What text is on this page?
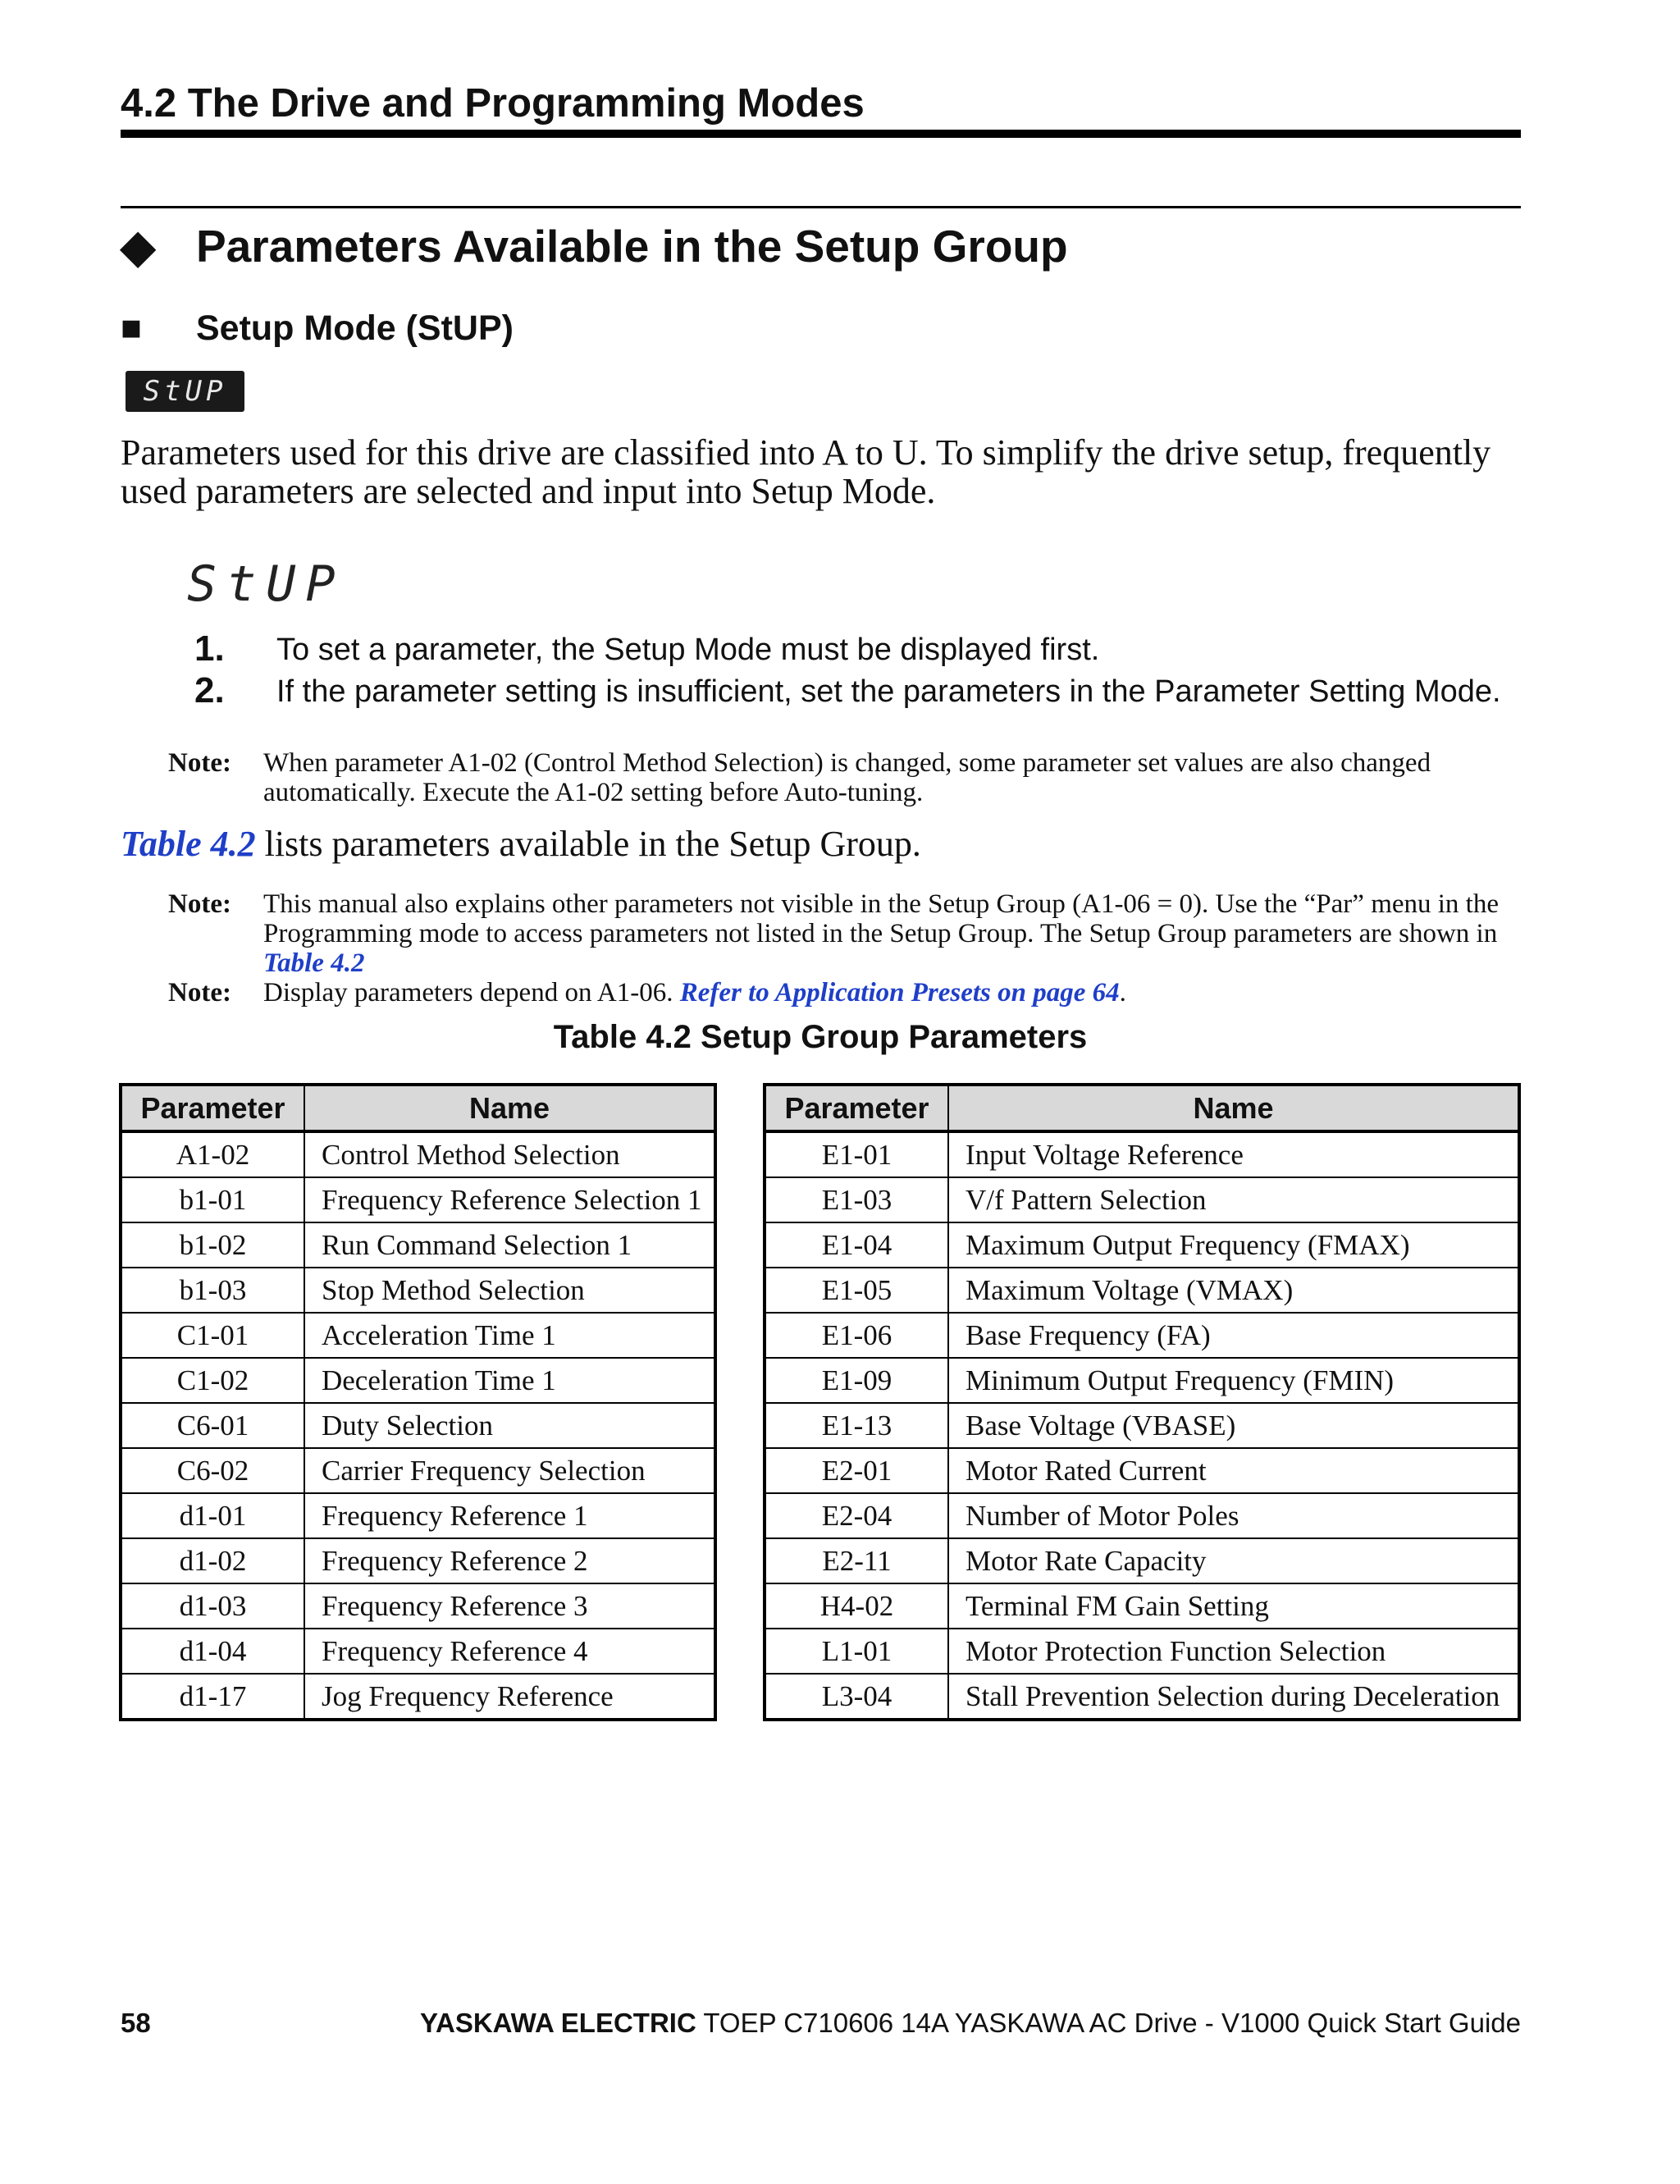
4.2 The Drive and Programming Modes
◆ Parameters Available in the Setup Group
■ Setup Mode (StUP)
StUP
Parameters used for this drive are classified into A to U. To simplify the drive setup, frequently used parameters are selected and input into Setup Mode.
StUP
1. To set a parameter, the Setup Mode must be displayed first.
2. If the parameter setting is insufficient, set the parameters in the Parameter Setting Mode.
Note: When parameter A1-02 (Control Method Selection) is changed, some parameter set values are also changed automatically. Execute the A1-02 setting before Auto-tuning.
Table 4.2 lists parameters available in the Setup Group.
Note: This manual also explains other parameters not visible in the Setup Group (A1-06 = 0). Use the “Par” menu in the Programming mode to access parameters not listed in the Setup Group. The Setup Group parameters are shown in Table 4.2
Note: Display parameters depend on A1-06. Refer to Application Presets on page 64.
Table 4.2 Setup Group Parameters
Parameter	Name
A1-02	Control Method Selection
b1-01	Frequency Reference Selection 1
b1-02	Run Command Selection 1
b1-03	Stop Method Selection
C1-01	Acceleration Time 1
C1-02	Deceleration Time 1
C6-01	Duty Selection
C6-02	Carrier Frequency Selection
d1-01	Frequency Reference 1
d1-02	Frequency Reference 2
d1-03	Frequency Reference 3
d1-04	Frequency Reference 4
d1-17	Jog Frequency Reference
Parameter	Name
E1-01	Input Voltage Reference
E1-03	V/f Pattern Selection
E1-04	Maximum Output Frequency (FMAX)
E1-05	Maximum Voltage (VMAX)
E1-06	Base Frequency (FA)
E1-09	Minimum Output Frequency (FMIN)
E1-13	Base Voltage (VBASE)
E2-01	Motor Rated Current
E2-04	Number of Motor Poles
E2-11	Motor Rate Capacity
H4-02	Terminal FM Gain Setting
L1-01	Motor Protection Function Selection
L3-04	Stall Prevention Selection during Deceleration
58	YASKAWA ELECTRIC TOEP C710606 14A YASKAWA AC Drive - V1000 Quick Start Guide
